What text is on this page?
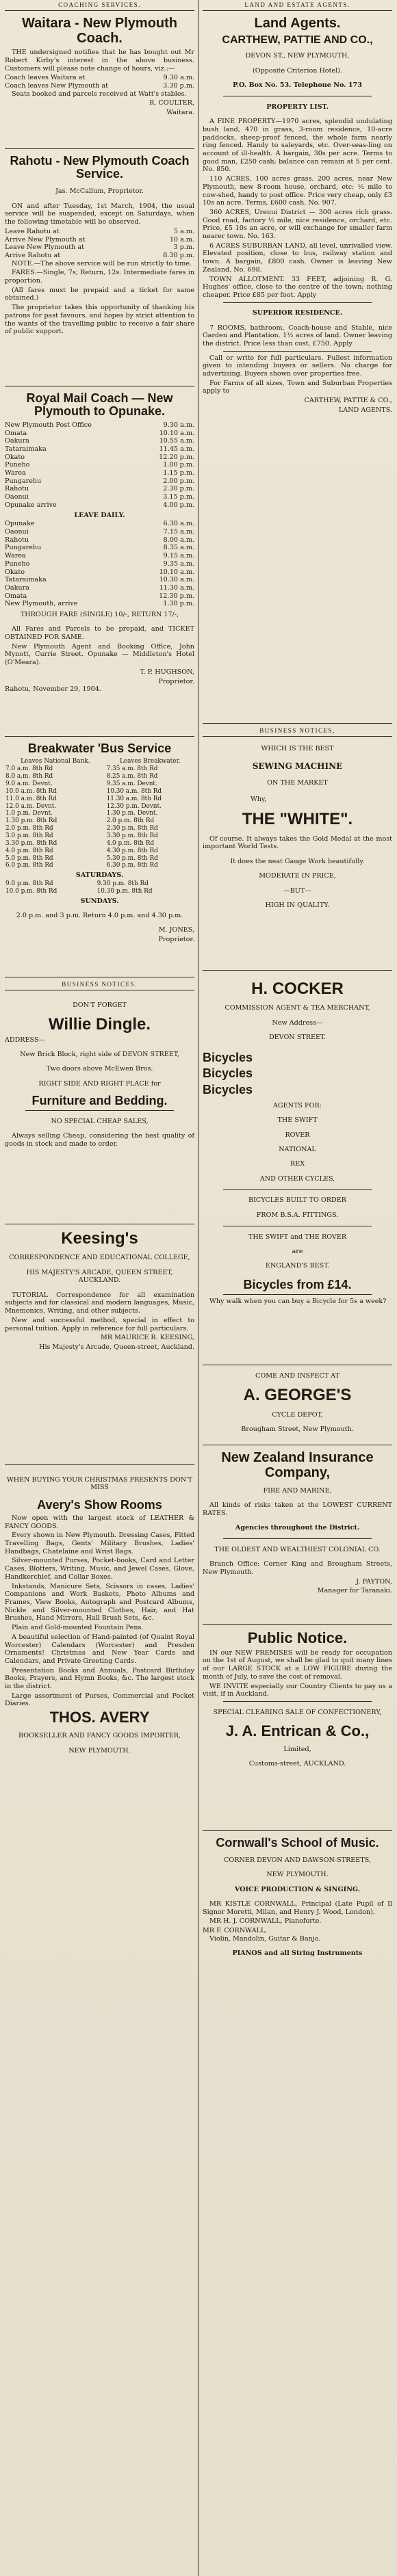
COACHING SERVICES.
Waitara - New Plymouth Coach.

THE undersigned notifies that he has bought out Mr Robert Kirby's interest in the above business. Customers will please note change of hours, viz.:—

Coach leaves Waitara at	9.30 a.m.

Coach leaves New Plymouth at	3.30 p.m.

Seats booked and parcels received at Watt's stables.

R. COULTER,

Waitara.

Rahotu - New Plymouth Coach Service.

Jas. McCallum, Proprietor.

ON and after Tuesday, 1st March, 1904, the usual service will be suspended, except on Saturdays, when the following timetable will be observed.

Leave Rahotu at	5 a.m.

Arrive New Plymouth at	10 a.m.

Leave New Plymouth at	3 p.m.

Arrive Rahotu at	8.30 p.m.

NOTE.—The above service will be run strictly to time.

FARES.—Single, 7s; Return, 12s. Intermediate fares in proportion.

(All fares must be prepaid and a ticket for same obtained.)

The proprietor takes this opportunity of thanking his patrons for past favours, and hopes by strict attention to the wants of the travelling public to receive a fair share of public support.

Royal Mail Coach — New Plymouth to Opunake.

New Plymouth Post Office	9.30 a.m.

Omata	10.10 a.m.

Oakura	10.55 a.m.

Tataraimaka	11.45 a.m.

Okato	12.20 p.m.

Puneho	1.00 p.m.

Warea	1.15 p.m.

Pungarehu	2.00 p.m.

Rahotu	2.30 p.m.

Oaonui	3.15 p.m.

Opunake arrive	4.00 p.m.

LEAVE DAILY.

Opunake	6.30 a.m.

Oaonui	7.15 a.m.

Rahotu	8.00 a.m.

Pungarehu	8.35 a.m.

Warea	9.15 a.m.

Puneho	9.35 a.m.

Okato	10.10 a.m.

Tataraimaka	10.30 a.m.

Oakura	11.30 a.m.

Omata	12.30 p.m.

New Plymouth, arrive	1.30 p.m.

THROUGH FARE (SINGLE) 10/-, RETURN 17/-,

All Fares and Parcels to be prepaid, and TICKET OBTAINED FOR SAME.

New Plymouth Agent and Booking Office, John Mynott, Currie Street. Opunake — Middleton's Hotel (O'Meara).

T. P. HUGHSON,

Proprietor.

Rahotu, November 29, 1904.

Breakwater 'Bus Service
Leaves National Bank.	Leaves Breakwater.
7.0 a.m. 8th Rd	7.35 a.m. 8th Rd
8.0 a.m. 8th Rd	8.25 a.m. 8th Rd
9.0 a.m. Devnt.	9.35 a.m. Devnt.
10.0 a.m. 8th Rd	10.30 a.m. 8th Rd
11.0 a.m. 8th Rd	11.30 a.m. 8th Rd
12.0 a.m. Devnt.	12.30 p.m. Devnt.
1.0 p.m. Devnt.	1.30 p.m. Devnt.
1.30 p.m. 8th Rd	2.0 p.m. 8th Rd
2.0 p.m. 8th Rd	2.30 p.m. 8th Rd
3.0 p.m. 8th Rd	3.30 p.m. 8th Rd
3.30 p.m. 8th Rd	4.0 p.m. 8th Rd
4.0 p.m. 8th Rd	4.30 p.m. 8th Rd
5.0 p.m. 8th Rd	5.30 p.m. 8th Rd
6.0 p.m. 8th Rd	6.30 p.m. 8th Rd

SATURDAYS.

9.0 p.m. 8th Rd	9.30 p.m. 8th Rd
10.0 p.m. 8th Rd	10.30 p.m. 8th Rd

SUNDAYS.

2.0 p.m. and 3 p.m. Return 4.0 p.m. and 4.30 p.m.

M. JONES,

Proprietor.

BUSINESS NOTICES.

DON'T FORGET

Willie Dingle.

ADDRESS—

New Brick Block, right side of DEVON STREET,

Two doors above McEwen Bros.

RIGHT SIDE AND RIGHT PLACE for

Furniture and Bedding.

NO SPECIAL CHEAP SALES,

Always selling Cheap, considering the best quality of goods in stock and made to order.

Keesing's

CORRESPONDENCE AND EDUCATIONAL COLLEGE,

HIS MAJESTY'S ARCADE, QUEEN STREET, AUCKLAND.

TUTORIAL Correspondence for all examination subjects and for classical and modern languages, Music, Mnemonics, Writing, and other subjects.

New and successful method, special in effect to personal tuition. Apply in reference for full particulars.

MR MAURICE R. KEESING,

His Majesty's Arcade, Queen-street, Auckland.

WHEN BUYING YOUR CHRISTMAS PRESENTS DON'T MISS

Avery's Show Rooms

Now open with the largest stock of LEATHER & FANCY GOODS.

Every shown in New Plymouth. Dressing Cases, Fitted Travelling Bags, Gents' Military Brushes, Ladies' Handbags, Chatelaine and Wrist Bags.

Silver-mounted Purses, Pocket-books, Card and Letter Cases, Blotters, Writing, Music, and Jewel Cases, Glove, Handkerchief, and Collar Boxes.

Inkstands, Manicure Sets, Scissors in cases, Ladies' Companions and Work Baskets, Photo Albums and Frames, View Books, Autograph and Postcard Albums, Nickle and Silver-mounted Clothes, Hair, and Hat Brushes, Hand Mirrors, Hall Brush Sets, &c.

Plain and Gold-mounted Fountain Pens.

A beautiful selection of Hand-painted (of Quaint Royal Worcester) Calendars (Worcester) and Presden Ornaments! Christmas and New Year Cards and Calendars, and Private Greeting Cards.

Presentation Books and Annuals, Postcard Birthday Books, Prayers, and Hymn Books, &c. The largest stock in the district.

Large assortment of Purses, Commercial and Pocket Diaries.

THOS. AVERY

BOOKSELLER AND FANCY GOODS IMPORTER,

NEW PLYMOUTH.

LAND AND ESTATE AGENTS.
Land Agents.
CARTHEW, PATTIE AND CO.,

DEVON ST., NEW PLYMOUTH,

(Opposite Criterion Hotel).

P.O. Box No. 53. Telephone No. 173

PROPERTY LIST.

A FINE PROPERTY—1970 acres, splendid undulating bush land, 470 in grass, 3-room residence, 10-acre paddocks, sheep-proof fenced, the whole farm nearly ring fenced. Handy to saleyards, etc. Over-seas-ling on account of ill-health. A bargain, 30s per acre. Terms to good man, £250 cash; balance can remain at 5 per cent. No. 850.

110 ACRES, 100 acres grass. 200 acres, near New Plymouth, new 8-room house, orchard, etc; ½ mile to cow-shed, handy to post office. Price very cheap, only £3 10s an acre. Terms, £600 cash. No. 907.

360 ACRES, Urenui District — 300 acres rich grass. Good road, factory ½ mile, nice residence, orchard, etc. Price, £5 10s an acre, or will exchange for smaller farm nearer town. No. 163.

6 ACRES SUBURBAN LAND, all level, unrivalled view. Elevated position, close to bus, railway station and town. A bargain, £800 cash. Owner is leaving New Zealand. No. 698.

TOWN ALLOTMENT. 33 FEET, adjoining R. G. Hughes' office, close to the centre of the town; nothing cheaper. Price £85 per foot. Apply

SUPERIOR RESIDENCE.

7 ROOMS, bathroom, Coach-house and Stable, nice Garden and Plantation. 1½ acres of land. Owner leaving the district. Price less than cost, £750. Apply

Call or write for full particulars. Fullest information given to intending buyers or sellers. No charge for advertising. Buyers shown over properties free.

For Farms of all sizes, Town and Suburban Properties apply to

CARTHEW, PATTIE & CO.,

LAND AGENTS.

BUSINESS NOTICES,

WHICH IS THE BEST

SEWING MACHINE

ON THE MARKET

Why,

THE "WHITE".

Of course. It always takes the Gold Medal at the most important World Tests.

It does the neat Gauge Work beautifully.

MODERATE IN PRICE,

—BUT—

HIGH IN QUALITY.

H. COCKER

COMMISSION AGENT & TEA MERCHANT,

New Address—

DEVON STREET.

Bicycles
Bicycles
Bicycles

AGENTS FOR:

THE SWIFT

ROVER

NATIONAL

REX

AND OTHER CYCLES,

BICYCLES BUILT TO ORDER

FROM B.S.A. FITTINGS.

THE SWIFT and THE ROVER

are

ENGLAND'S BEST.

Bicycles from £14.

Why walk when you can buy a Bicycle for 5s a week?

COME AND INSPECT AT

A. GEORGE'S

CYCLE DEPOT,

Brougham Street, New Plymouth.

New Zealand Insurance Company,

FIRE AND MARINE,

All kinds of risks taken at the LOWEST CURRENT RATES.

Agencies throughout the District.

THE OLDEST AND WEALTHIEST COLONIAL CO.

Branch Office: Corner King and Brougham Streets, New Plymouth.

J. PAYTON,

Manager for Taranaki.

Public Notice.

IN our NEW PREMISES will be ready for occupation on the 1st of August, we shall be glad to quit many lines of our LARGE STOCK at a LOW FIGURE during the month of July, to save the cost of removal.

WE INVITE especially our Country Clients to pay us a visit, if in Auckland.

SPECIAL CLEARING SALE OF CONFECTIONERY,

J. A. Entrican & Co.,

Limited,

Customs-street, AUCKLAND.

Cornwall's School of Music.

CORNER DEVON AND DAWSON-STREETS,

NEW PLYMOUTH.

VOICE PRODUCTION & SINGING.

MR KISTLE CORNWALL, Principal (Late Pupil of Il Signor Moretti, Milan, and Henry J. Wood, London).

MR H. J. CORNWALL, Pianoforte.

MR F. CORNWALL,

Violin, Mandolin, Guitar & Banjo.

PIANOS and all String Instruments
